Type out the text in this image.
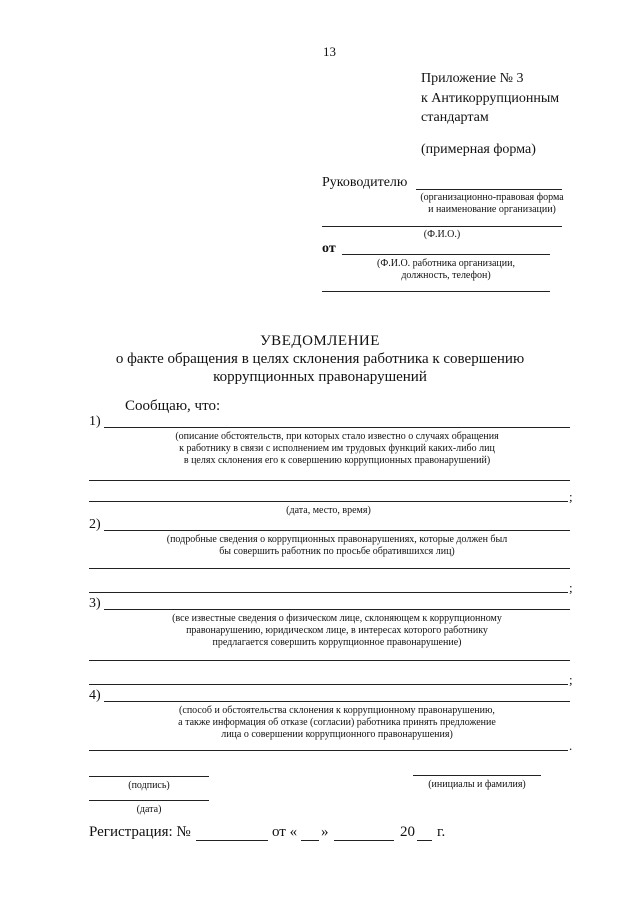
13
Приложение № 3
к Антикоррупционным
стандартам
(примерная форма)
Руководителю
(организационно-правовая форма
и наименование организации)
(Ф.И.О.)
от
(Ф.И.О. работника организации,
должность, телефон)
УВЕДОМЛЕНИЕ
о факте обращения в целях склонения работника к совершению
коррупционных правонарушений
Сообщаю, что:
1)
(описание обстоятельств, при которых стало известно о случаях обращения
к работнику в связи с исполнением им трудовых функций каких-либо лиц
в целях склонения его к совершению коррупционных правонарушений)
;
(дата, место, время)
2)
(подробные сведения о коррупционных правонарушениях, которые должен был
бы совершить работник по просьбе обратившихся лиц)
;
3)
(все известные сведения о физическом лице, склоняющем к коррупционному
правонарушению, юридическом лице, в интересах которого работнику
предлагается совершить коррупционное правонарушение)
;
4)
(способ и обстоятельства склонения к коррупционному правонарушению,
а также информация об отказе (согласии) работника принять предложение
лица о совершении коррупционного правонарушения)
.
(подпись)	(инициалы и фамилия)
(дата)
Регистрация: №	от « »	20 г.
